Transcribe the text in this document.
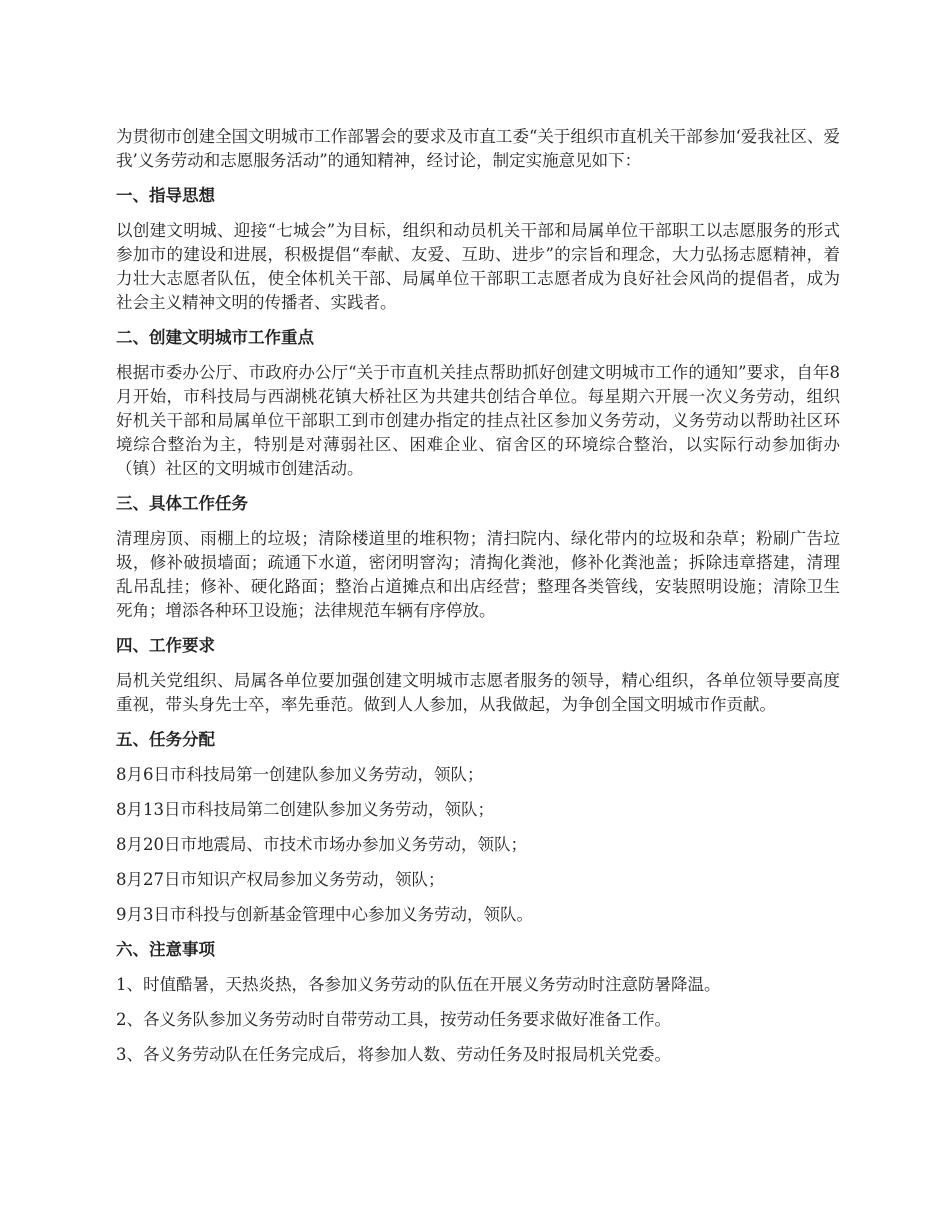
为贯彻市创建全国文明城市工作部署会的要求及市直工委“关于组织市直机关干部参加‘爱我社区、爱我’义务劳动和志愿服务活动”的通知精神，经讨论，制定实施意见如下：

一、指导思想

以创建文明城、迎接“七城会”为目标，组织和动员机关干部和局属单位干部职工以志愿服务的形式参加市的建设和进展，积极提倡“奉献、友爱、互助、进步”的宗旨和理念，大力弘扬志愿精神，着力壮大志愿者队伍，使全体机关干部、局属单位干部职工志愿者成为良好社会风尚的提倡者，成为社会主义精神文明的传播者、实践者。

二、创建文明城市工作重点

根据市委办公厅、市政府办公厅“关于市直机关挂点帮助抓好创建文明城市工作的通知”要求，自年8月开始，市科技局与西湖桃花镇大桥社区为共建共创结合单位。每星期六开展一次义务劳动，组织好机关干部和局属单位干部职工到市创建办指定的挂点社区参加义务劳动，义务劳动以帮助社区环境综合整治为主，特别是对薄弱社区、困难企业、宿舍区的环境综合整治，以实际行动参加街办（镇）社区的文明城市创建活动。

三、具体工作任务

清理房顶、雨棚上的垃圾；清除楼道里的堆积物；清扫院内、绿化带内的垃圾和杂草；粉刷广告垃圾，修补破损墙面；疏通下水道，密闭明窨沟；清掏化粪池，修补化粪池盖；拆除违章搭建，清理乱吊乱挂；修补、硬化路面；整治占道摊点和出店经营；整理各类管线，安装照明设施；清除卫生死角；增添各种环卫设施；法律规范车辆有序停放。

四、工作要求

局机关党组织、局属各单位要加强创建文明城市志愿者服务的领导，精心组织，各单位领导要高度重视，带头身先士卒，率先垂范。做到人人参加，从我做起，为争创全国文明城市作贡献。

五、任务分配

8月6日市科技局第一创建队参加义务劳动，领队；

8月13日市科技局第二创建队参加义务劳动，领队；

8月20日市地震局、市技术市场办参加义务劳动，领队；

8月27日市知识产权局参加义务劳动，领队；

9月3日市科投与创新基金管理中心参加义务劳动，领队。

六、注意事项

1、时值酷暑，天热炎热，各参加义务劳动的队伍在开展义务劳动时注意防暑降温。

2、各义务队参加义务劳动时自带劳动工具，按劳动任务要求做好准备工作。

3、各义务劳动队在任务完成后，将参加人数、劳动任务及时报局机关党委。
